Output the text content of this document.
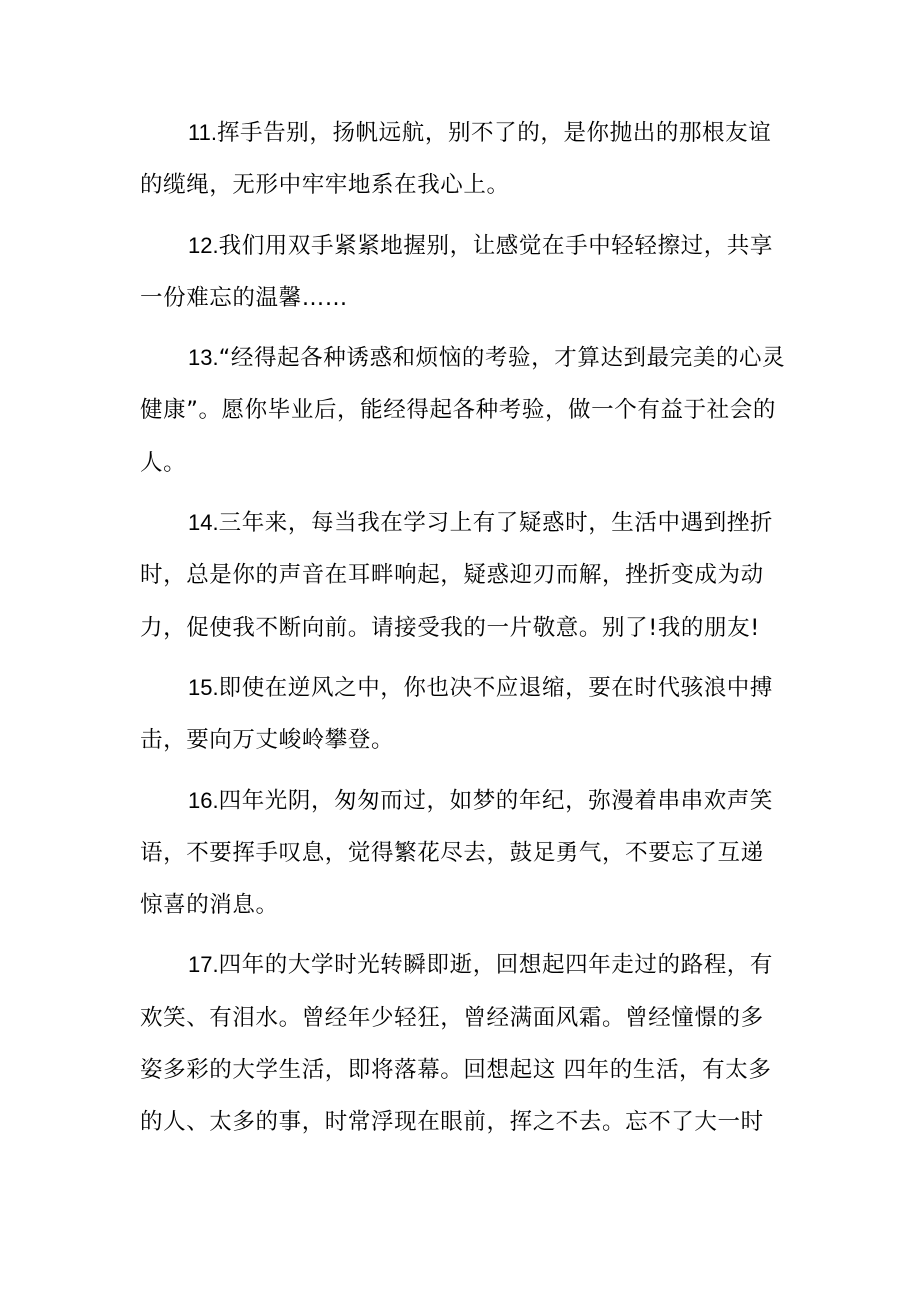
11.挥手告别，扬帆远航，别不了的，是你抛出的那根友谊
的缆绳，无形中牢牢地系在我心上。
12.我们用双手紧紧地握别，让感觉在手中轻轻擦过，共享
一份难忘的温馨……
13.“经得起各种诱惑和烦恼的考验，才算达到最完美的心灵
健康”。愿你毕业后，能经得起各种考验，做一个有益于社会的
人。
14.三年来，每当我在学习上有了疑惑时，生活中遇到挫折
时，总是你的声音在耳畔响起，疑惑迎刃而解，挫折变成为动
力，促使我不断向前。请接受我的一片敬意。别了!我的朋友!
15.即使在逆风之中，你也决不应退缩，要在时代骇浪中搏
击，要向万丈峻岭攀登。
16.四年光阴，匆匆而过，如梦的年纪，弥漫着串串欢声笑
语，不要挥手叹息，觉得繁花尽去，鼓足勇气，不要忘了互递
惊喜的消息。
17.四年的大学时光转瞬即逝，回想起四年走过的路程，有
欢笑、有泪水。曾经年少轻狂，曾经满面风霜。曾经憧憬的多
姿多彩的大学生活，即将落幕。回想起这 四年的生活，有太多
的人、太多的事，时常浮现在眼前，挥之不去。忘不了大一时
